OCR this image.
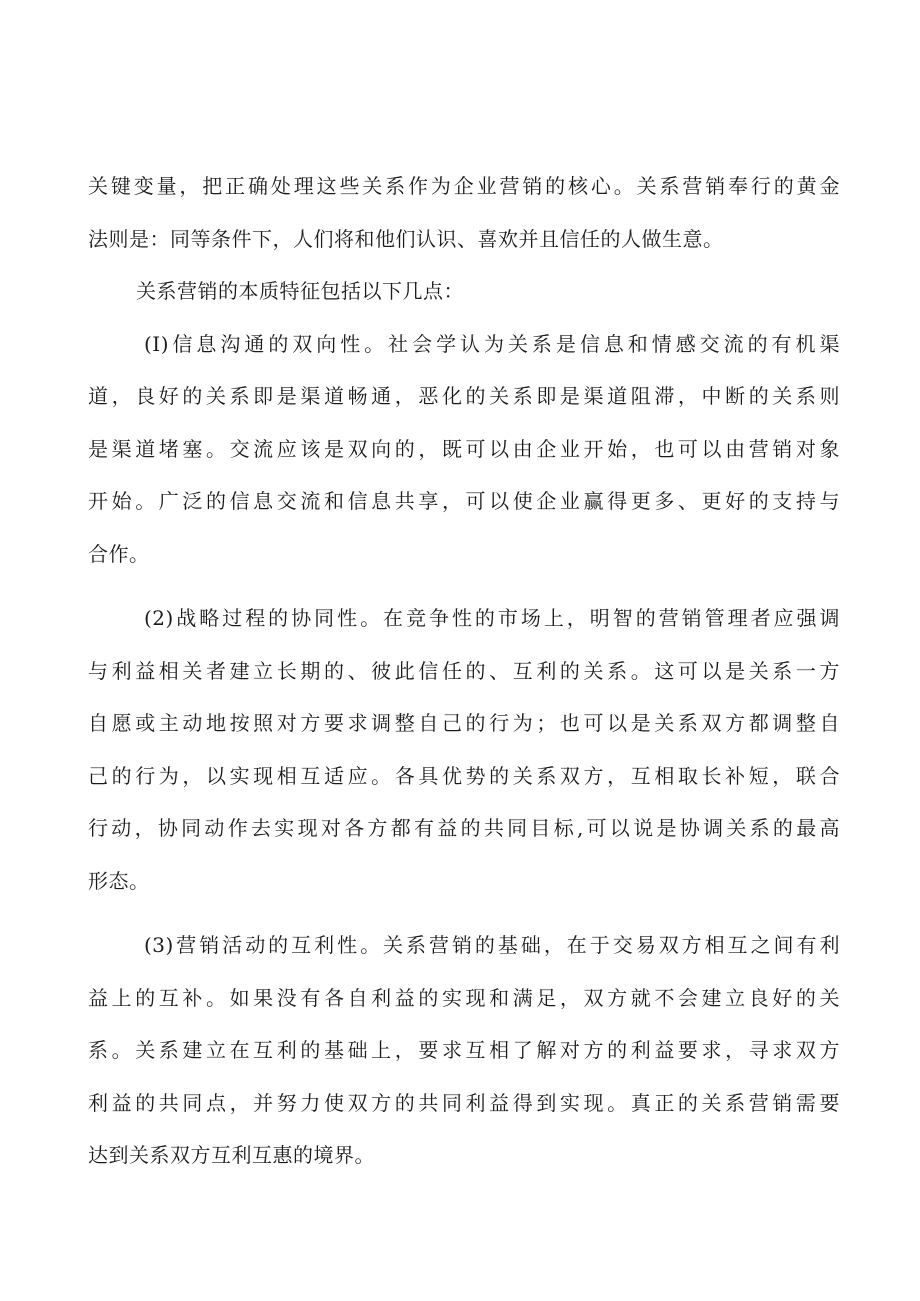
关键变量，把正确处理这些关系作为企业营销的核心。关系营销奉行的黄金
法则是：同等条件下，人们将和他们认识、喜欢并且信任的人做生意。
关系营销的本质特征包括以下几点：
(I)信息沟通的双向性。社会学认为关系是信息和情感交流的有机渠
道，良好的关系即是渠道畅通，恶化的关系即是渠道阻滞，中断的关系则
是渠道堵塞。交流应该是双向的，既可以由企业开始，也可以由营销对象
开始。广泛的信息交流和信息共享，可以使企业赢得更多、更好的支持与
合作。
(2)战略过程的协同性。在竞争性的市场上，明智的营销管理者应强调
与利益相关者建立长期的、彼此信任的、互利的关系。这可以是关系一方
自愿或主动地按照对方要求调整自己的行为；也可以是关系双方都调整自
己的行为，以实现相互适应。各具优势的关系双方，互相取长补短，联合
行动，协同动作去实现对各方都有益的共同目标,可以说是协调关系的最高
形态。
(3)营销活动的互利性。关系营销的基础，在于交易双方相互之间有利
益上的互补。如果没有各自利益的实现和满足，双方就不会建立良好的关
系。关系建立在互利的基础上，要求互相了解对方的利益要求，寻求双方
利益的共同点，并努力使双方的共同利益得到实现。真正的关系营销需要
达到关系双方互利互惠的境界。
